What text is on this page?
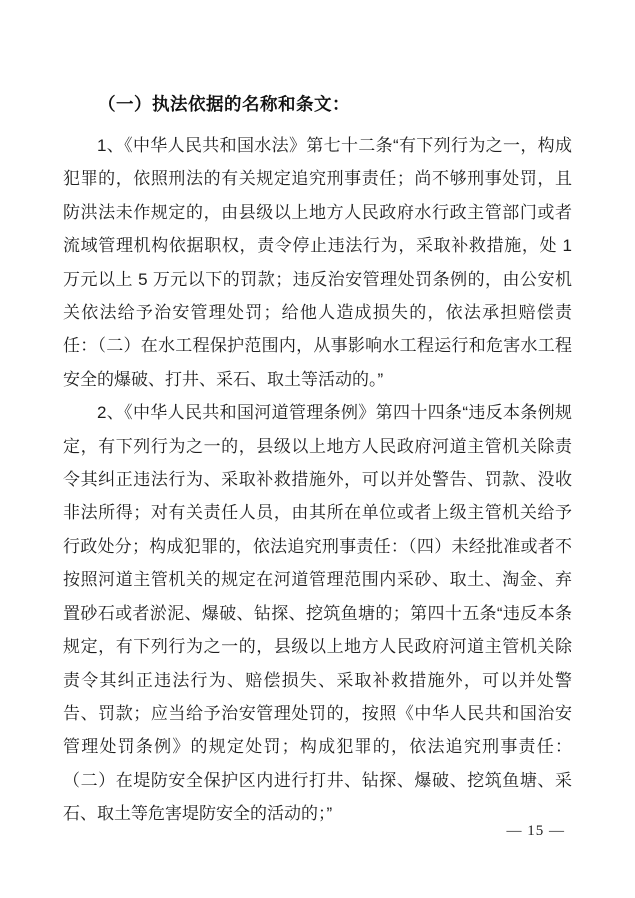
（一）执法依据的名称和条文：

1、《中华人民共和国水法》第七十二条“有下列行为之一，构成犯罪的，依照刑法的有关规定追究刑事责任；尚不够刑事处罚，且防洪法未作规定的，由县级以上地方人民政府水行政主管部门或者流域管理机构依据职权，责令停止违法行为，采取补救措施，处 1 万元以上 5 万元以下的罚款；违反治安管理处罚条例的，由公安机关依法给予治安管理处罚；给他人造成损失的，依法承担赔偿责任：（二）在水工程保护范围内，从事影响水工程运行和危害水工程安全的爆破、打井、采石、取土等活动的。”

2、《中华人民共和国河道管理条例》第四十四条“违反本条例规定，有下列行为之一的，县级以上地方人民政府河道主管机关除责令其纠正违法行为、采取补救措施外，可以并处警告、罚款、没收非法所得；对有关责任人员，由其所在单位或者上级主管机关给予行政处分；构成犯罪的，依法追究刑事责任：（四）未经批准或者不按照河道主管机关的规定在河道管理范围内采砂、取土、淘金、弃置砂石或者淤泥、爆破、钻探、挖筑鱼塘的；第四十五条“违反本条规定，有下列行为之一的，县级以上地方人民政府河道主管机关除责令其纠正违法行为、赔偿损失、采取补救措施外，可以并处警告、罚款；应当给予治安管理处罚的，按照《中华人民共和国治安管理处罚条例》的规定处罚；构成犯罪的，依法追究刑事责任：（二）在堤防安全保护区内进行打井、钻探、爆破、挖筑鱼塘、采石、取土等危害堤防安全的活动的；”

— 15 —
